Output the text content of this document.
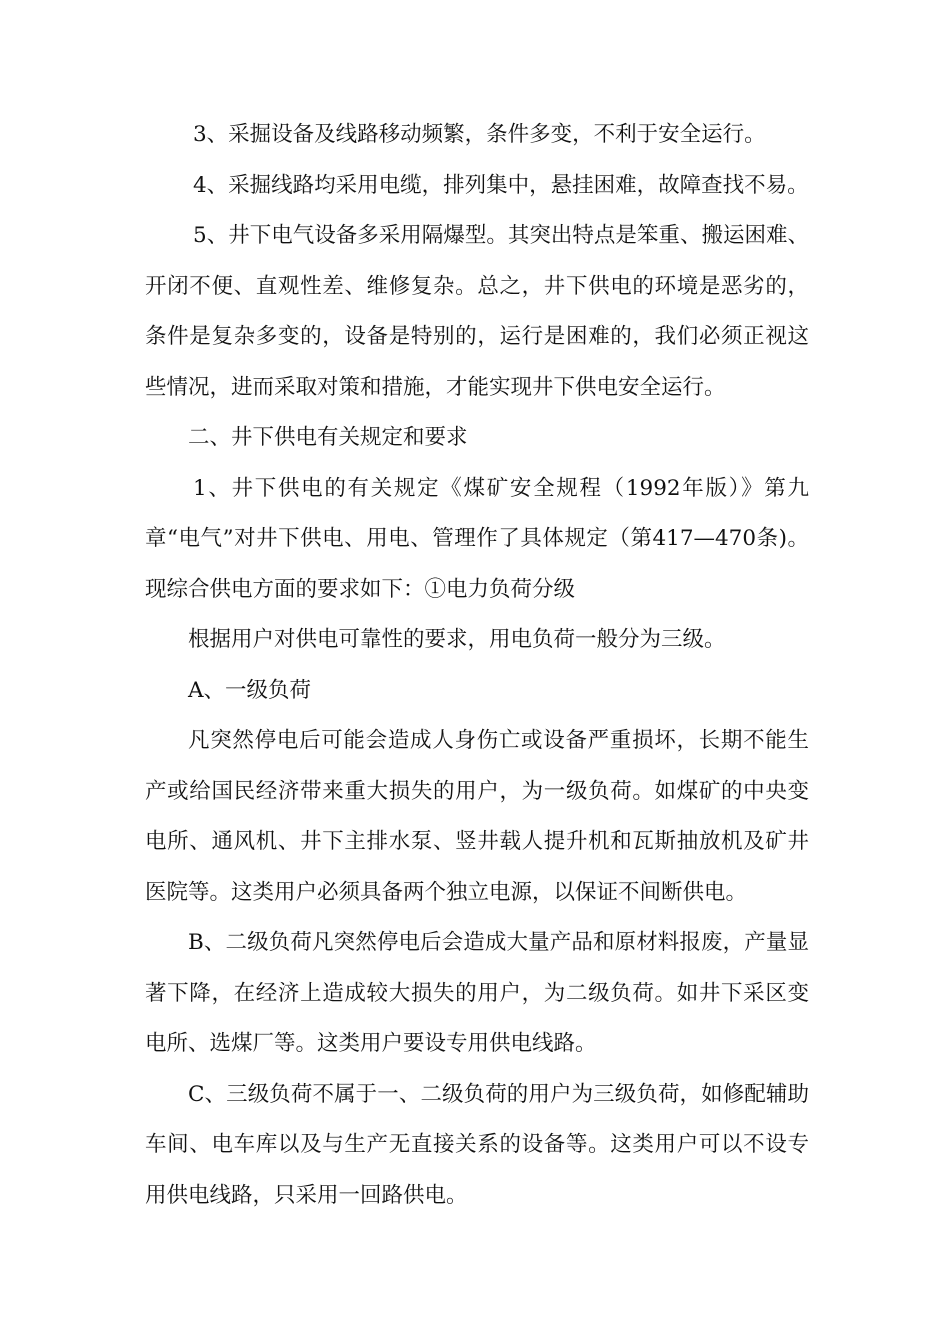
3、采掘设备及线路移动频繁，条件多变，不利于安全运行。

4、采掘线路均采用电缆，排列集中，悬挂困难，故障查找不易。

5、井下电气设备多采用隔爆型。其突出特点是笨重、搬运困难、开闭不便、直观性差、维修复杂。总之，井下供电的环境是恶劣的，条件是复杂多变的，设备是特别的，运行是困难的，我们必须正视这些情况，进而采取对策和措施，才能实现井下供电安全运行。

二、井下供电有关规定和要求

1、井下供电的有关规定《煤矿安全规程（1992年版）》第九章“电气”对井下供电、用电、管理作了具体规定（第417—470条)。现综合供电方面的要求如下：①电力负荷分级

根据用户对供电可靠性的要求，用电负荷一般分为三级。

A、一级负荷

凡突然停电后可能会造成人身伤亡或设备严重损坏，长期不能生产或给国民经济带来重大损失的用户，为一级负荷。如煤矿的中央变电所、通风机、井下主排水泵、竖井载人提升机和瓦斯抽放机及矿井医院等。这类用户必须具备两个独立电源，以保证不间断供电。

B、二级负荷凡突然停电后会造成大量产品和原材料报废，产量显著下降，在经济上造成较大损失的用户，为二级负荷。如井下采区变电所、选煤厂等。这类用户要设专用供电线路。

C、三级负荷不属于一、二级负荷的用户为三级负荷，如修配辅助车间、电车库以及与生产无直接关系的设备等。这类用户可以不设专用供电线路，只采用一回路供电。
